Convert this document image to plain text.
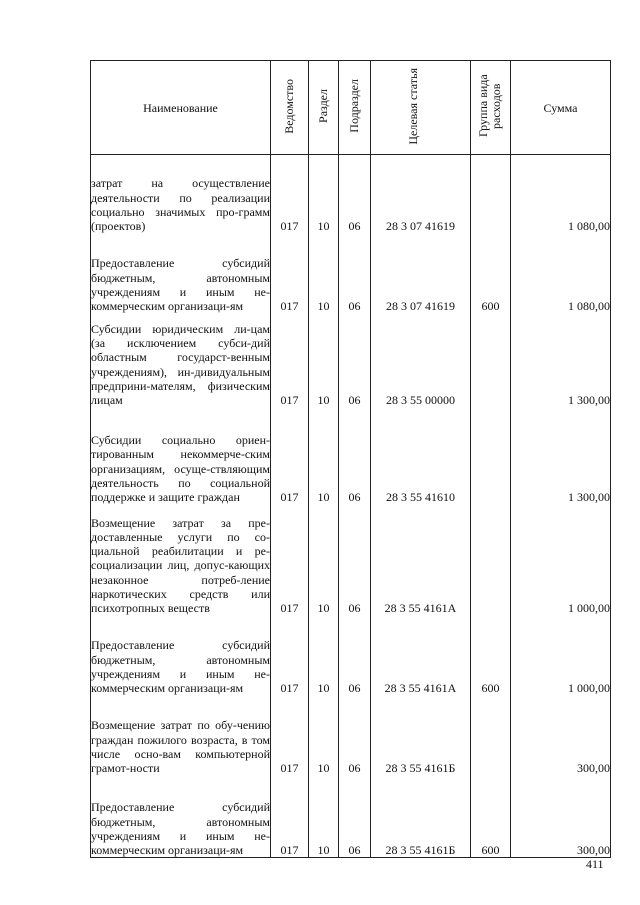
Наименование	Ведомство	Раздел	Подраздел	Целевая статья	Группа вида расходов	Сумма

затрат на осуществление деятельности по реализации социально значимых про-грамм (проектов)	017	10	06	28 3 07 41619		1 080,00

Предоставление субсидий бюджетным, автономным учреждениям и иным не-коммерческим организаци-ям	017	10	06	28 3 07 41619	600	1 080,00

Субсидии юридическим ли-цам (за исключением субси-дий областным государст-венным учреждениям), ин-дивидуальным предприни-мателям, физическим лицам	017	10	06	28 3 55 00000		1 300,00

Субсидии социально ориен-тированным некоммерче-ским организациям, осуще-ствляющим деятельность по социальной поддержке и защите граждан	017	10	06	28 3 55 41610		1 300,00

Возмещение затрат за пре-доставленные услуги по со-циальной реабилитации и ре-социализации лиц, допус-кающих незаконное потреб-ление наркотических средств или психотропных веществ	017	10	06	28 3 55 4161А		1 000,00

Предоставление субсидий бюджетным, автономным учреждениям и иным не-коммерческим организаци-ям	017	10	06	28 3 55 4161А	600	1 000,00

Возмещение затрат по обу-чению граждан пожилого возраста, в том числе осно-вам компьютерной грамот-ности	017	10	06	28 3 55 4161Б		300,00

Предоставление субсидий бюджетным, автономным учреждениям и иным не-коммерческим организаци-ям	017	10	06	28 3 55 4161Б	600	300,00
411
